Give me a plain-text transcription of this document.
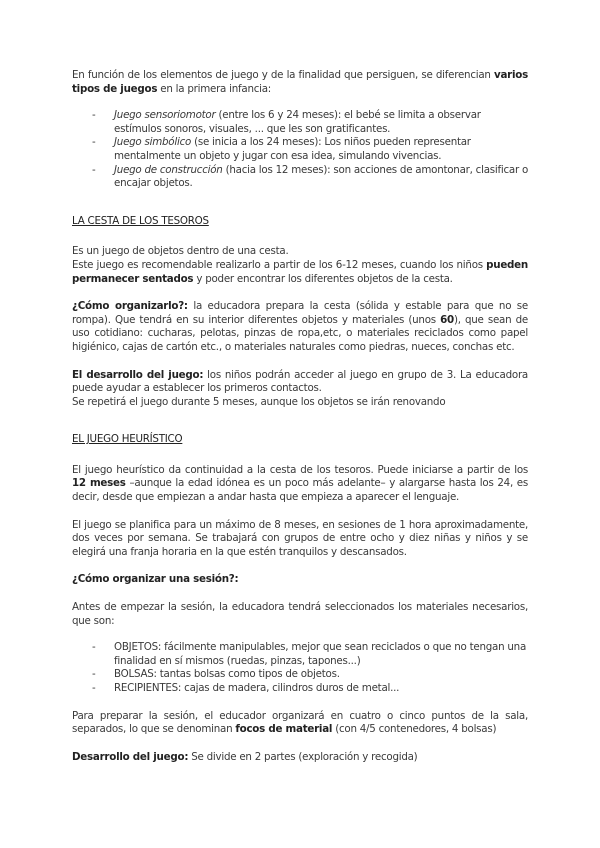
En función de los elementos de juego y de la finalidad que persiguen, se diferencian varios tipos de juegos en la primera infancia:

- Juego sensoriomotor (entre los 6 y 24 meses): el bebé se limita a observar estímulos sonoros, visuales, ... que les son gratificantes.
- Juego simbólico (se inicia a los 24 meses): Los niños pueden representar mentalmente un objeto y jugar con esa idea, simulando vivencias.
- Juego de construcción (hacia los 12 meses): son acciones de amontonar, clasificar o encajar objetos.

LA CESTA DE LOS TESOROS

Es un juego de objetos dentro de una cesta.

Este juego es recomendable realizarlo a partir de los 6-12 meses, cuando los niños pueden permanecer sentados y poder encontrar los diferentes objetos de la cesta.

¿Cómo organizarlo?: la educadora prepara la cesta (sólida y estable para que no se rompa). Que tendrá en su interior diferentes objetos y materiales (unos 60), que sean de uso cotidiano: cucharas, pelotas, pinzas de ropa,etc, o materiales reciclados como papel higiénico, cajas de cartón etc., o materiales naturales como piedras, nueces, conchas etc.

El desarrollo del juego: los niños podrán acceder al juego en grupo de 3. La educadora puede ayudar a establecer los primeros contactos.

Se repetirá el juego durante 5 meses, aunque los objetos se irán renovando

EL JUEGO HEURÍSTICO

El juego heurístico da continuidad a la cesta de los tesoros. Puede iniciarse a partir de los 12 meses –aunque la edad idónea es un poco más adelante– y alargarse hasta los 24, es decir, desde que empiezan a andar hasta que empieza a aparecer el lenguaje.

El juego se planifica para un máximo de 8 meses, en sesiones de 1 hora aproximadamente, dos veces por semana. Se trabajará con grupos de entre ocho y diez niñas y niños y se elegirá una franja horaria en la que estén tranquilos y descansados.

¿Cómo organizar una sesión?:

Antes de empezar la sesión, la educadora tendrá seleccionados los materiales necesarios, que son:

- OBJETOS: fácilmente manipulables, mejor que sean reciclados o que no tengan una finalidad en sí mismos (ruedas, pinzas, tapones...)
- BOLSAS: tantas bolsas como tipos de objetos.
- RECIPIENTES: cajas de madera, cilindros duros de metal...

Para preparar la sesión, el educador organizará en cuatro o cinco puntos de la sala, separados, lo que se denominan focos de material (con 4/5 contenedores, 4 bolsas)

Desarrollo del juego: Se divide en 2 partes (exploración y recogida)
